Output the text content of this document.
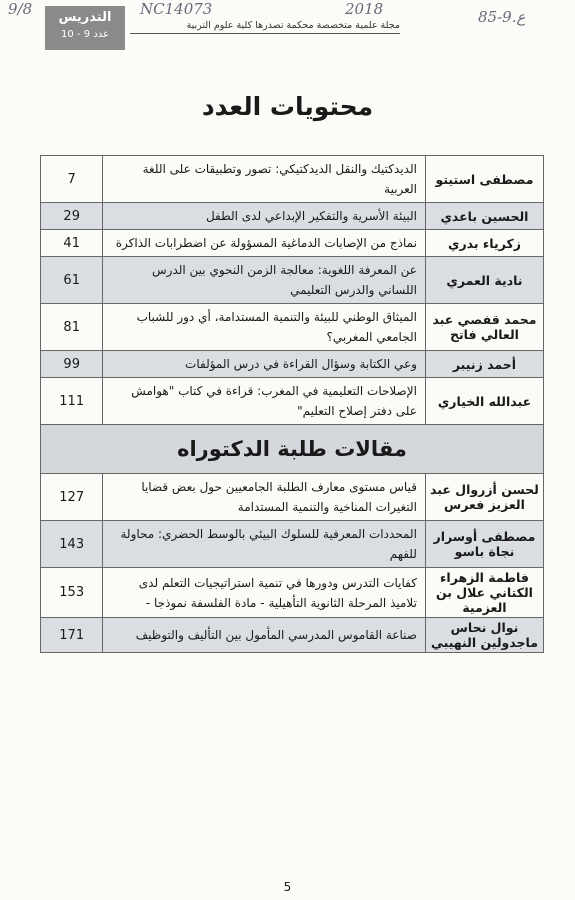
9/8	NC14073	2018	ع.9-85
التدريس
عدد 9 - 10
مجلة علمية متخصصة محكمة تصدرها كلية علوم التربية
محتويات العدد
مصطفى استيتو	الديدكتيك والنقل الديدكتيكي: تصور وتطبيقات على اللغة العربية	7
الحسين باعدي	البيئة الأسرية والتفكير الإبداعي لدى الطفل	29
زكرياء بدري	نماذج من الإصابات الدماغية المسؤولة عن اضطرابات الذاكرة	41
نادية العمري	عن المعرفة اللغوية: معالجة الزمن النحوي بين الدرس اللساني والدرس التعليمي	61
محمد قفصي عبد العالي فاتح	الميثاق الوطني للبيئة والتنمية المستدامة، أي دور للشباب الجامعي المغربي؟	81
أحمد زنيبر	وعي الكتابة وسؤال القراءة في درس المؤلفات	99
عبدالله الخياري	الإصلاحات التعليمية في المغرب: قراءة في كتاب "هوامش على دفتر إصلاح التعليم"	111
مقالات طلبة الدكتوراه		
لحسن أزروال عبد العزيز فعرس	قياس مستوى معارف الطلبة الجامعيين حول بعض قضايا التغيرات المناخية والتنمية المستدامة	127
مصطفى أوسرار نجاة باسو	المحددات المعرفية للسلوك البيئي بالوسط الحضري: محاولة للفهم	143
فاطمة الزهراء الكتاني علال بن العزمية	كفايات التدرس ودورها في تنمية استراتيجيات التعلم لدى تلاميذ المرحلة الثانوية التأهيلية - مادة الفلسفة نموذجا -	153
نوال نحاس ماجدولين النهيبي	صناعة القاموس المدرسي المأمول بين التأليف والتوظيف	171
5
